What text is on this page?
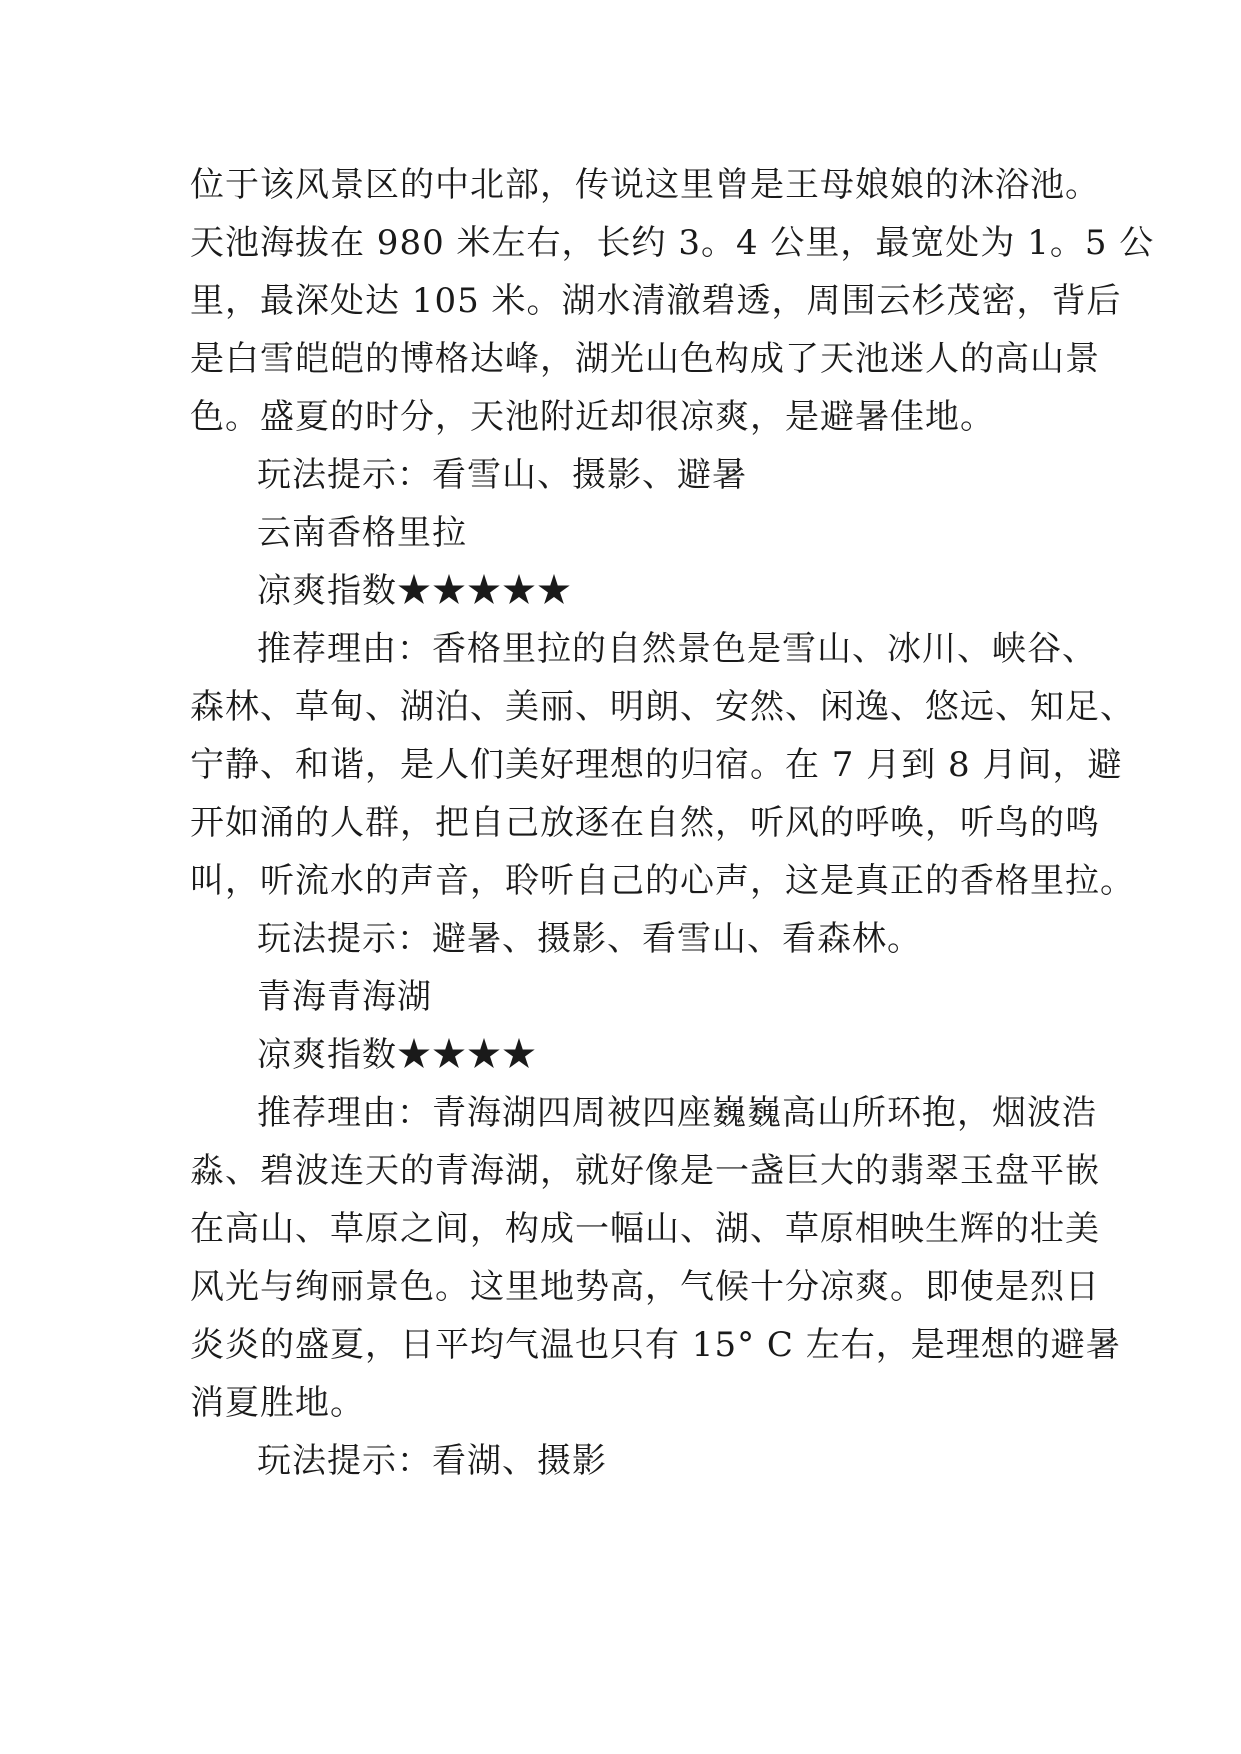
位于该风景区的中北部，传说这里曾是王母娘娘的沐浴池。
天池海拔在 980 米左右，长约 3。4 公里，最宽处为 1。5 公
里，最深处达 105 米。湖水清澈碧透，周围云杉茂密，背后
是白雪皑皑的博格达峰，湖光山色构成了天池迷人的高山景
色。盛夏的时分，天池附近却很凉爽，是避暑佳地。
玩法提示：看雪山、摄影、避暑
云南香格里拉
凉爽指数★★★★★
推荐理由：香格里拉的自然景色是雪山、冰川、峡谷、
森林、草甸、湖泊、美丽、明朗、安然、闲逸、悠远、知足、
宁静、和谐，是人们美好理想的归宿。在 7 月到 8 月间，避
开如涌的人群，把自己放逐在自然，听风的呼唤，听鸟的鸣
叫，听流水的声音，聆听自己的心声，这是真正的香格里拉。
玩法提示：避暑、摄影、看雪山、看森林。
青海青海湖
凉爽指数★★★★
推荐理由：青海湖四周被四座巍巍高山所环抱，烟波浩
淼、碧波连天的青海湖，就好像是一盏巨大的翡翠玉盘平嵌
在高山、草原之间，构成一幅山、湖、草原相映生辉的壮美
风光与绚丽景色。这里地势高，气候十分凉爽。即使是烈日
炎炎的盛夏，日平均气温也只有 15° C 左右，是理想的避暑
消夏胜地。
玩法提示：看湖、摄影
